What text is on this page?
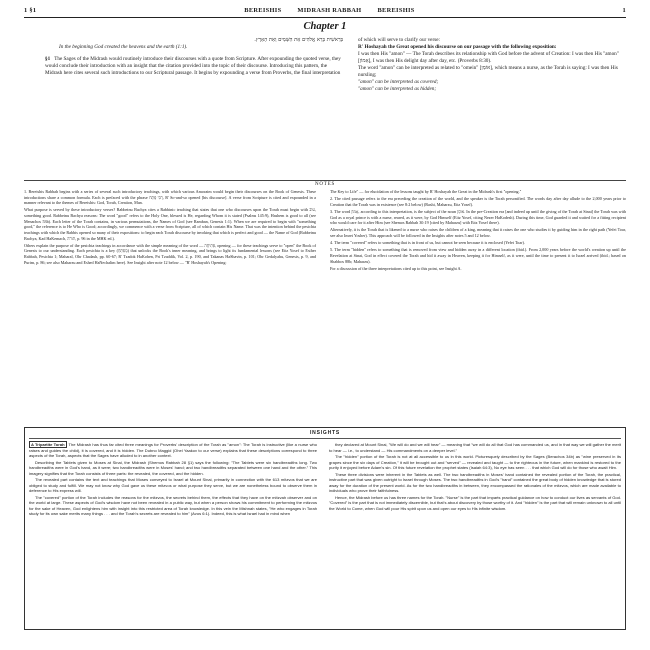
1 §1	BEREISHIS	MIDRASH RABBAH	BEREISHIS	1
Chapter 1
בְּרֵאשִׁית בָּרָא אֱלֹהִים אֵת הַשָּׁמַיִם וְאֵת הָאָרֶץ.
In the beginning God created the heavens and the earth (1:1).
§1 The Sages of the Midrash would routinely introduce their discourses with a quote from Scripture. After expounding the quoted verse, they would conclude their introduction with an insight that the citation provided into the topic of their discourse. Introducing this pattern, the Midrash here cites several such introductions to our Scriptural passage. It begins by expounding a verse from Proverbs, the final interpretation
of which will serve to clarify our verse:
R' Hoshayah the Great opened his discourse on our passage with the following exposition:
I was then His "amon" — The Torah describes its relationship with God before the advent of Creation: I was then His "amon" [אָמוֹן], I was then His delight day after day, etc. (Proverbs 8:30).
The word "amon" can be interpreted as related to "omein" [אוֹמֵן], which means a nurse, as the Torah is saying: I was then His nursling;
"amon" can be interpreted as covered;
"amon" can be interpreted as hidden;
NOTES

1. Bereishis Rabbah begins with a series of several such introductory teachings, with which various Amoraim would begin their discourses on the Book of Genesis. These introductions share a common formula. Each is prefaced with the phrase רַבִּי פָּתַח, R' So-and-so opened [his discourse]. A verse from Scripture is cited and expounded in a manner relevant to the themes of Bereishis: God, Torah, Creation, Man.

What purpose is served by these introductory verses? Rabbeinu Bachya cites a Rabbinic teaching that states that one who discourses upon the Torah must begin with טוֹב, something good. Rabbeinu Bachya reasons: The word "good" refers to the Holy One, blessed is He, regarding Whom it is stated (Psalms 145:9), Hashem is good to all (see Menachos 53b). Each letter of the Torah contains, in various permutations, the Names of God (see Ramban, Genesis 1:1). When we are required to begin with "something good," the reference is to He Who is Good; accordingly, we commence with a verse from Scripture, all of which contain His Name. That was the intention behind the pesichta teachings with which the Rabbis opened so many of their expositions: to begin each Torah discourse by invoking that which is perfect and good — the Name of God (Rabbeinu Bachya, Kad HaKemach, תורה, p. 96 in the MHK ed.).

Others explain the purpose of the pesichta teachings in accordance with the simple meaning of the word — פְּתִיחָה, opening — for these teachings serve to "open" the Book of Genesis to our understanding. Each pesichta is a key (מַפְתֵּחַ) that unlocks the Book's inner meaning, and brings to light its fundamental lessons (see Eitz Yosef to Esther Rabbah, Pesichta 1; Maharal, Ohr Chadash, pp. 60-67; R' Tzadok HaKohen, Pri Tzaddik, Vol. 2, p. 190, and Takanas HaShavin, p. 101; Ohr Gedalyahu, Genesis, p. 9, and Purim, p. 86; see also Maharzu and Eshed HaNechalim here). See Insight after note 12 below — "R' Hoshayah's Opening:

The Key to Life" — for elucidation of the lessons taught by R' Hoshayah the Great in the Midrash's first "opening."

2. The cited passage refers to the era preceding the creation of the world, and the speaker is the Torah personified. The words day after day allude to the 2,000 years prior to Creation that the Torah was in existence (see 8:2 below) (Rashi, Maharzu, Eitz Yosef).

3. The word אָמוֹן, according to this interpretation, is the subject of the noun אוֹמֵן. In the pre-Creation era [and indeed up until the giving of the Torah at Sinai] the Torah was with God as a royal prince is with a nurse, reared, as it were, by God Himself (Eitz Yosef, citing Nezer HaKodesh). During this time, God guarded it and waited for a fitting recipient who would care for it after Him (see Shemos Rabbah 30:19 [cited by Maharzu] with Eitz Yosef there).

Alternatively, it is the Torah that is likened to a nurse who raises the children of a king, meaning that it raises the one who studies it by guiding him in the right path (Yefei Toar, see also Imrei Yosher). This approach will be followed in the Insights after notes 5 and 12 below.

4. The term "covered" refers to something that is in front of us, but cannot be seen because it is enclosed (Yefei Toar).

5. The term "hidden" refers to something that is removed from view and hidden away in a different location (ibid.). From 2,000 years before the world's creation up until the Revelation at Sinai, God in effect covered the Torah and hid it away in Heaven, keeping it for Himself, as it were, until the time to present it to Israel arrived (ibid.; based on Shabbos 88b; Maharzu).

For a discussion of the three interpretations cited up to this point, see Insight A.

INSIGHTS

A Tripartite Torah The Midrash has thus far cited three meanings for Proverbs' description of the Torah as "amon": The Torah is instructive (like a nurse who raises and guides the child), it is covered, and it is hidden. The Dubno Maggid (Ohel Yaakov to our verse) explains that these descriptions correspond to three aspects of the Torah, aspects that the Sages have alluded to in another context.

Describing the Tablets given to Moses at Sinai, the Midrash (Shemos Rabbah 28 §1) says the following: "The Tablets were six handbreadths long. Two handbreadths were in God's hand, as it were; two handbreadths were in Moses' hand; and two handbreadths separated between one hand and the other." This imagery signifies that the Torah consists of three parts: the revealed, the covered, and the hidden.

The revealed part contains the text and teachings that Moses conveyed to Israel at Mount Sinai, primarily in connection with the 613 mitzvos that we are obliged to study and fulfill. We may not know why God gave us these mitzvos or what purpose they serve, but we are nonetheless bound to observe them in deference to His express will.

The "covered" portion of the Torah includes the reasons for the mitzvos, the secrets behind them, the effects that they have on the mitzvah observer and on the world at large. These aspects of God's wisdom have not been revealed in a public way, but when a person shows his commitment to performing the mitzvos for the sake of Heaven, God enlightens him with insight into this restricted area of Torah knowledge. In this vein the Mishnah states, "He who engages in Torah study for its own sake merits many things . . . and the Torah's secrets are revealed to him" (Avos 6:1). Indeed, this is what Israel had in mind when

they declared at Mount Sinai, "We will do and we will hear" — meaning that "we will do all that God has commanded us, and in that way we will gather the merit to hear — i.e., to understand — His commandments on a deeper level."

The "hidden" portion of the Torah is not at all accessible to us in this world. Picturesquely described by the Sages (Berachos 34b) as "wine preserved in its grapes since the six days of Creation," it will be brought out and "served" — revealed and taught — to the righteous in the future, when mankind is restored to the purity it enjoyed before Adam's sin. Of this future revelation the prophet states (Isaiah 64:3), No eye has seen . . . that which God will do for those who await Him.

These three divisions were inherent in the Tablets as well. The two handbreadths in Moses' hand contained the revealed portion of the Torah, the practical, instructive part that was given outright to Israel through Moses. The two handbreadths in God's "hand" contained the great body of hidden knowledge that is stored away for the duration of the present world. As for the two handbreadths in between, they encompassed the rationales of the mitzvos, which are made available to individuals who prove their faithfulness.

Hence, the Midrash before us has three names for the Torah. "Nurse" is the part that imparts practical guidance on how to conduct our lives as servants of God. "Covered" is the part that is not immediately discernible, but that's about discovery by those worthy of it. And "hidden" is the part that will remain unknown to all until the World to Come, when God will pour His spirit upon us and open our eyes to His infinite wisdom.
